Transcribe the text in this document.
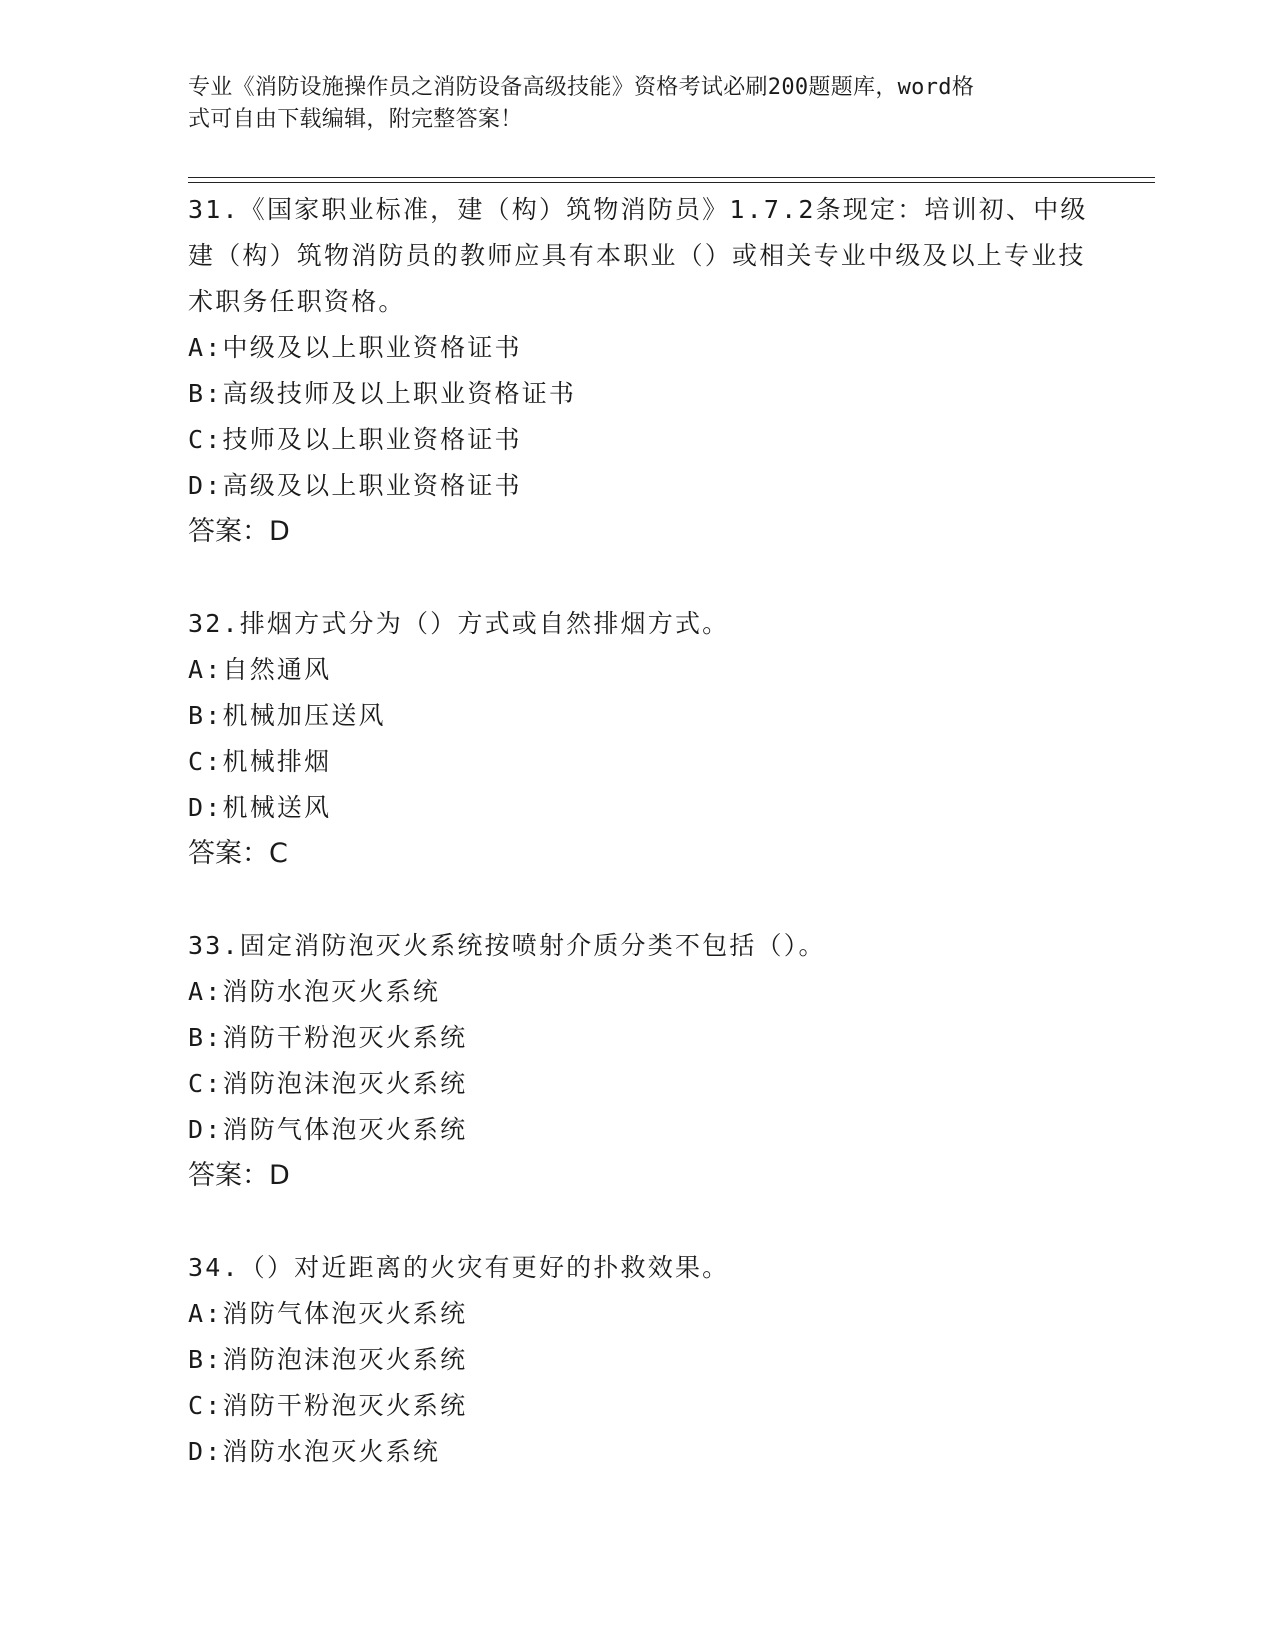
专业《消防设施操作员之消防设备高级技能》资格考试必刷200题题库，word格
式可自由下载编辑，附完整答案！
31.《国家职业标准，建（构）筑物消防员》1.7.2条现定：培训初、中级建（构）筑物消防员的教师应具有本职业（）或相关专业中级及以上专业技术职务任职资格。
A:中级及以上职业资格证书
B:高级技师及以上职业资格证书
C:技师及以上职业资格证书
D:高级及以上职业资格证书
答案：D
32.排烟方式分为（）方式或自然排烟方式。
A:自然通风
B:机械加压送风
C:机械排烟
D:机械送风
答案：C
33.固定消防泡灭火系统按喷射介质分类不包括（）。
A:消防水泡灭火系统
B:消防干粉泡灭火系统
C:消防泡沫泡灭火系统
D:消防气体泡灭火系统
答案：D
34.（）对近距离的火灾有更好的扑救效果。
A:消防气体泡灭火系统
B:消防泡沫泡灭火系统
C:消防干粉泡灭火系统
D:消防水泡灭火系统
